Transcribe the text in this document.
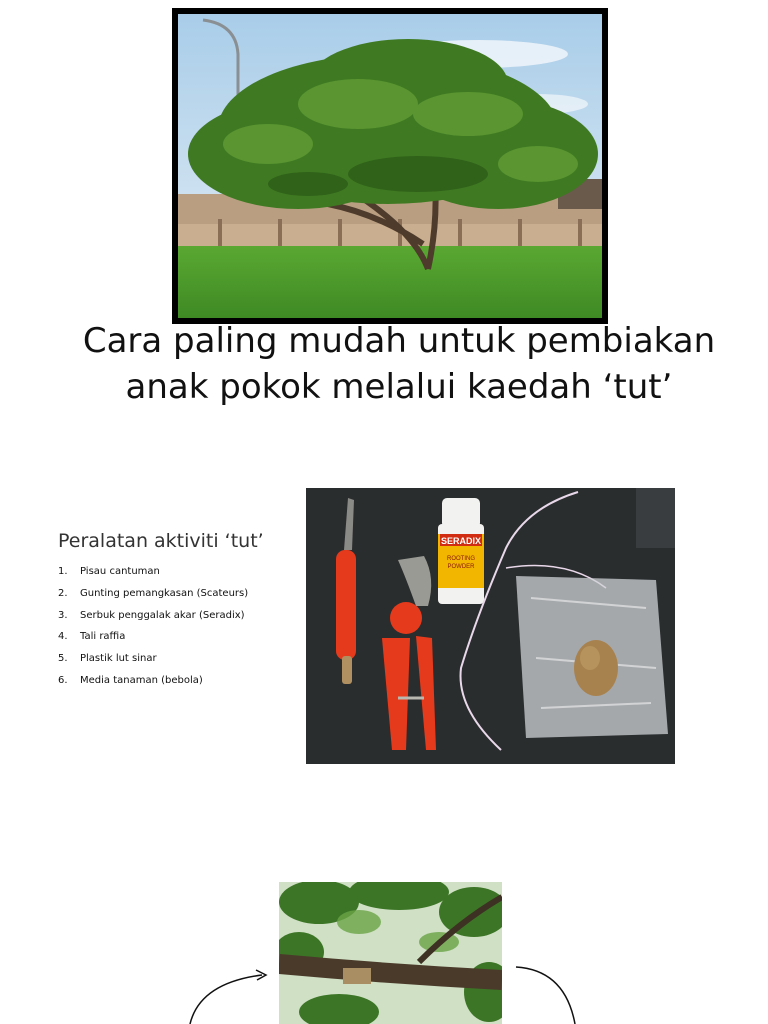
Cara paling mudah untuk pembiakan
anak pokok melalui kaedah ‘tut’
Peralatan aktiviti ‘tut’
1.	Pisau cantuman
2.	Gunting pemangkasan (Scateurs)
3.	Serbuk penggalak akar (Seradix)
4.	Tali raffia
5.	Plastik lut sinar
6.	Media tanaman (bebola)
SERADIX
ROOTING
POWDER
